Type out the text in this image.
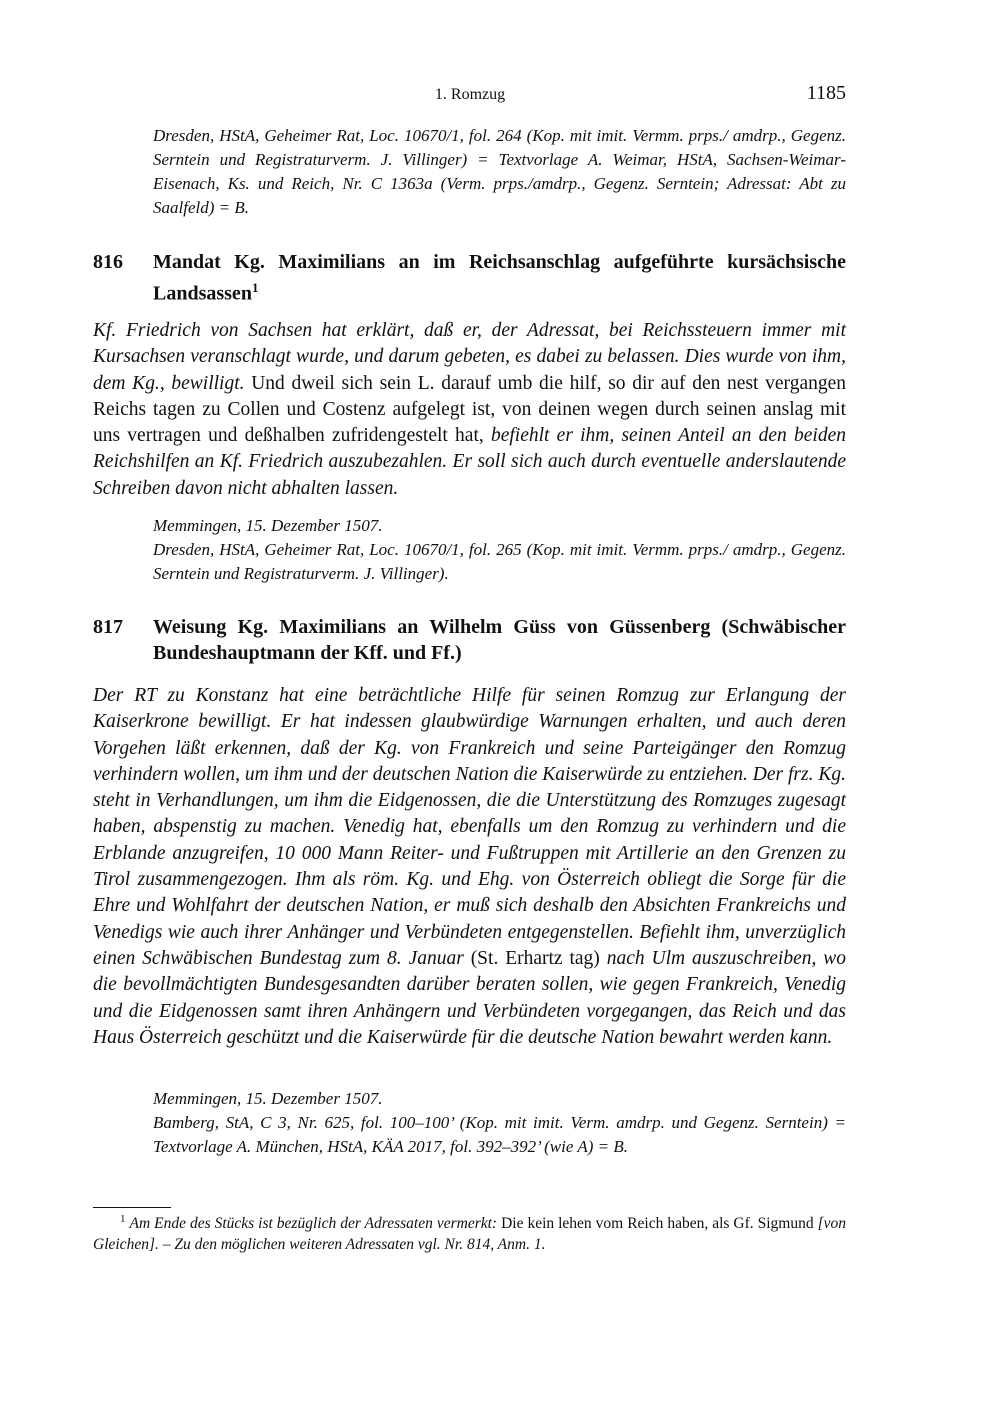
1. Romzug	1185
Dresden, HStA, Geheimer Rat, Loc. 10670/1, fol. 264 (Kop. mit imit. Vermm. prps./ amdrp., Gegenz. Serntein und Registraturverm. J. Villinger) = Textvorlage A. Weimar, HStA, Sachsen-Weimar-Eisenach, Ks. und Reich, Nr. C 1363a (Verm. prps./amdrp., Gegenz. Serntein; Adressat: Abt zu Saalfeld) = B.
816 Mandat Kg. Maximilians an im Reichsanschlag aufgeführte kursächsische Landsassen$^1$
Kf. Friedrich von Sachsen hat erklärt, daß er, der Adressat, bei Reichssteuern immer mit Kursachsen veranschlagt wurde, und darum gebeten, es dabei zu belassen. Dies wurde von ihm, dem Kg., bewilligt. Und dweil sich sein L. darauf umb die hilf, so dir auf den nest vergangen Reichs tagen zu Collen und Costenz aufgelegt ist, von deinen wegen durch seinen anslag mit uns vertragen und deßhalben zufridengestelt hat, befiehlt er ihm, seinen Anteil an den beiden Reichshilfen an Kf. Friedrich auszubezahlen. Er soll sich auch durch eventuelle anderslautende Schreiben davon nicht abhalten lassen.
Memmingen, 15. Dezember 1507.
Dresden, HStA, Geheimer Rat, Loc. 10670/1, fol. 265 (Kop. mit imit. Vermm. prps./ amdrp., Gegenz. Serntein und Registraturverm. J. Villinger).
817 Weisung Kg. Maximilians an Wilhelm Güss von Güssenberg (Schwäbischer Bundeshauptmann der Kff. und Ff.)
Der RT zu Konstanz hat eine beträchtliche Hilfe für seinen Romzug zur Erlangung der Kaiserkrone bewilligt. Er hat indessen glaubwürdige Warnungen erhalten, und auch deren Vorgehen läßt erkennen, daß der Kg. von Frankreich und seine Parteigänger den Romzug verhindern wollen, um ihm und der deutschen Nation die Kaiserwürde zu entziehen. Der frz. Kg. steht in Verhandlungen, um ihm die Eidgenossen, die die Unterstützung des Romzuges zugesagt haben, abspenstig zu machen. Venedig hat, ebenfalls um den Romzug zu verhindern und die Erblande anzugreifen, 10 000 Mann Reiter- und Fußtruppen mit Artillerie an den Grenzen zu Tirol zusammengezogen. Ihm als röm. Kg. und Ehg. von Österreich obliegt die Sorge für die Ehre und Wohlfahrt der deutschen Nation, er muß sich deshalb den Absichten Frankreichs und Venedigs wie auch ihrer Anhänger und Verbündeten entgegenstellen. Befiehlt ihm, unverzüglich einen Schwäbischen Bundestag zum 8. Januar (St. Erhartz tag) nach Ulm auszuschreiben, wo die bevollmächtigten Bundesgesandten darüber beraten sollen, wie gegen Frankreich, Venedig und die Eidgenossen samt ihren Anhängern und Verbündeten vorgegangen, das Reich und das Haus Österreich geschützt und die Kaiserwürde für die deutsche Nation bewahrt werden kann.
Memmingen, 15. Dezember 1507.
Bamberg, StA, C 3, Nr. 625, fol. 100–100’ (Kop. mit imit. Verm. amdrp. und Gegenz. Serntein) = Textvorlage A. München, HStA, KÄA 2017, fol. 392–392’ (wie A) = B.
$^1$ Am Ende des Stücks ist bezüglich der Adressaten vermerkt: Die kein lehen vom Reich haben, als Gf. Sigmund [von Gleichen]. – Zu den möglichen weiteren Adressaten vgl. Nr. 814, Anm. 1.
